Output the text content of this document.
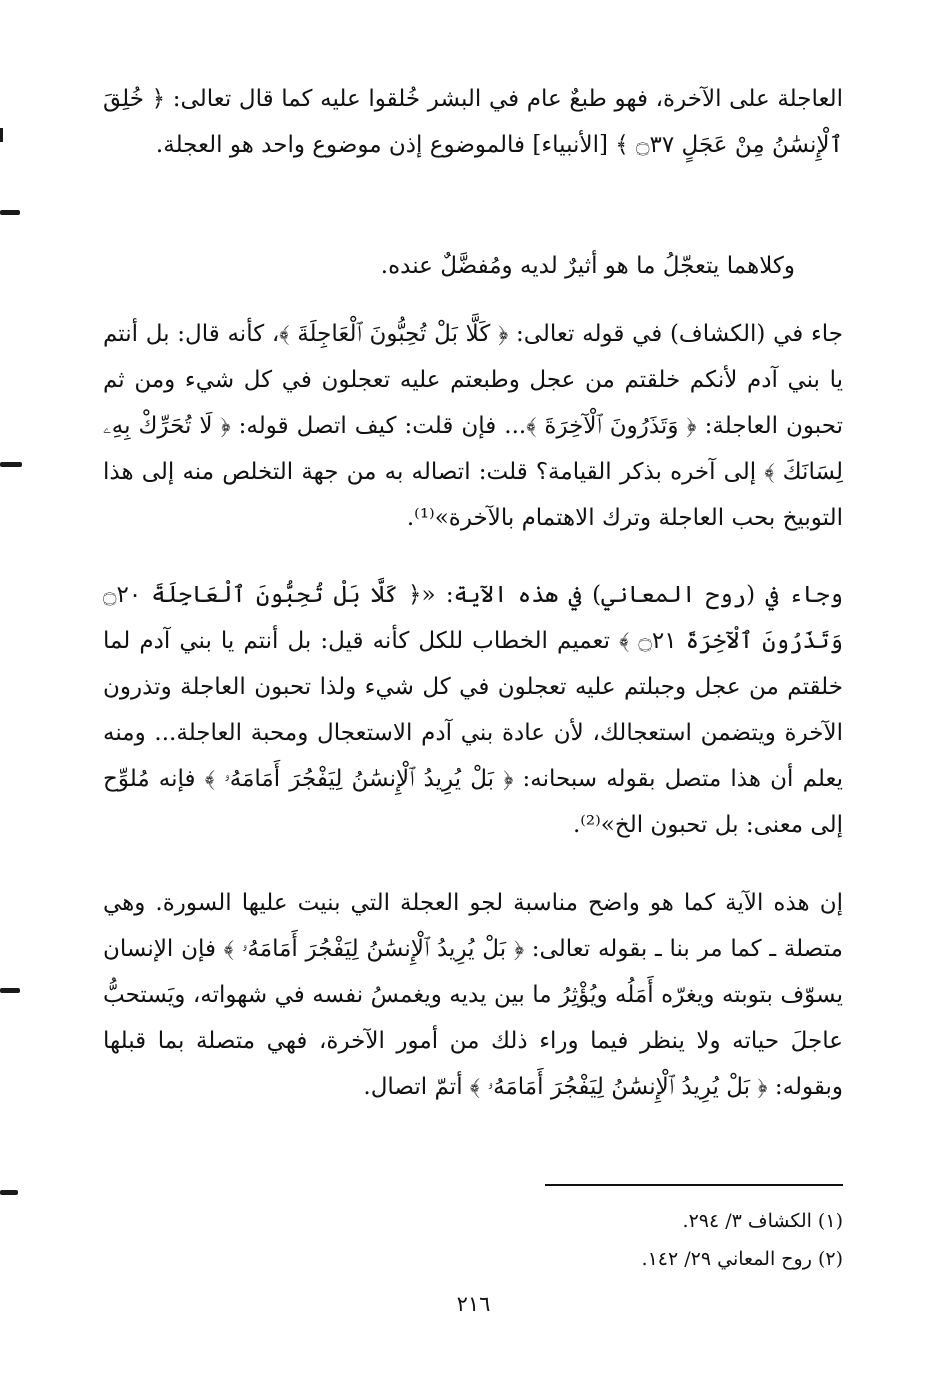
العاجلة على الآخرة، فهو طبعٌ عام في البشر خُلقوا عليه كما قال تعالى: ﴿ خُلِقَ ٱلْإِنسَٰنُ مِنْ عَجَلٍ ۝٣٧ ﴾ [الأنبياء] فالموضوع إذن موضوع واحد هو العجلة.

وكلاهما يتعجّلُ ما هو أثيرٌ لديه ومُفضَّلٌ عنده.

جاء في (الكشاف) في قوله تعالى: ﴿ كَلَّا بَلْ تُحِبُّونَ ٱلْعَاجِلَةَ ﴾، كأنه قال: بل أنتم يا بني آدم لأنكم خلقتم من عجل وطبعتم عليه تعجلون في كل شيء ومن ثم تحبون العاجلة: ﴿ وَتَذَرُونَ ٱلْآخِرَةَ ﴾... فإن قلت: كيف اتصل قوله: ﴿ لَا تُحَرِّكْ بِهِۦ لِسَانَكَ ﴾ إلى آخره بذكر القيامة؟ قلت: اتصاله به من جهة التخلص منه إلى هذا التوبيخ بحب العاجلة وترك الاهتمام بالآخرة»⁽¹⁾.

وجاء في (روح المعاني) في هذه الآية: «﴿ كَلَّا بَلْ تُحِبُّونَ ٱلْعَاجِلَةَ ۝٢٠ وَتَذَرُونَ ٱلْآخِرَةَ ۝٢١ ﴾ تعميم الخطاب للكل كأنه قيل: بل أنتم يا بني آدم لما خلقتم من عجل وجبلتم عليه تعجلون في كل شيء ولذا تحبون العاجلة وتذرون الآخرة ويتضمن استعجالك، لأن عادة بني آدم الاستعجال ومحبة العاجلة... ومنه يعلم أن هذا متصل بقوله سبحانه: ﴿ بَلْ يُرِيدُ ٱلْإِنسَٰنُ لِيَفْجُرَ أَمَامَهُۥ ﴾ فإنه مُلوِّح إلى معنى: بل تحبون الخ»⁽²⁾.

إن هذه الآية كما هو واضح مناسبة لجو العجلة التي بنيت عليها السورة. وهي متصلة ـ كما مر بنا ـ بقوله تعالى: ﴿ بَلْ يُرِيدُ ٱلْإِنسَٰنُ لِيَفْجُرَ أَمَامَهُۥ ﴾ فإن الإنسان يسوّف بتوبته ويغرّه أَمَلُه ويُؤْثِرُ ما بين يديه ويغمسُ نفسه في شهواته، ويَستحبُّ عاجلَ حياته ولا ينظر فيما وراء ذلك من أمور الآخرة، فهي متصلة بما قبلها وبقوله: ﴿ بَلْ يُرِيدُ ٱلْإِنسَٰنُ لِيَفْجُرَ أَمَامَهُۥ ﴾ أتمّ اتصال.

(١) الكشاف ٣/ ٢٩٤.
(٢) روح المعاني ٢٩/ ١٤٢.
٢١٦
